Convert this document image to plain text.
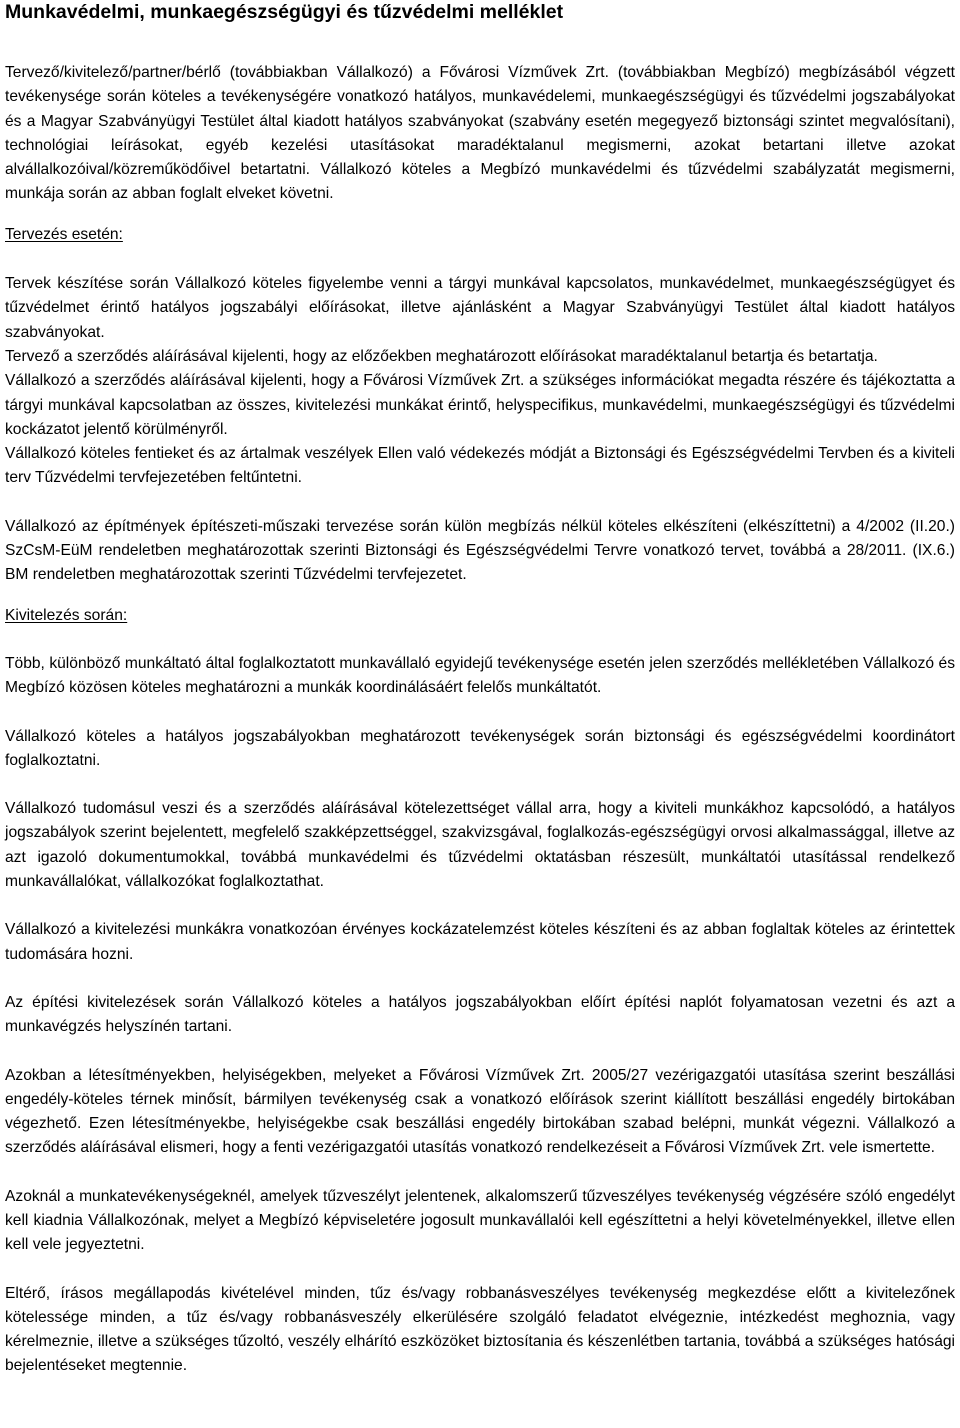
Munkavédelmi, munkaegészségügyi és tűzvédelmi melléklet

Tervező/kivitelező/partner/bérlő (továbbiakban Vállalkozó) a Fővárosi Vízművek Zrt. (továbbiakban Megbízó) megbízásából végzett tevékenysége során köteles a tevékenységére vonatkozó hatályos, munkavédelemi, munkaegészségügyi és tűzvédelmi jogszabályokat és a Magyar Szabványügyi Testület által kiadott hatályos szabványokat (szabvány esetén megegyező biztonsági szintet megvalósítani), technológiai leírásokat, egyéb kezelési utasításokat maradéktalanul megismerni, azokat betartani illetve azokat alvállalkozóival/közreműködőivel betartatni. Vállalkozó köteles a Megbízó munkavédelmi és tűzvédelmi szabályzatát megismerni, munkája során az abban foglalt elveket követni.

Tervezés esetén:

Tervek készítése során Vállalkozó köteles figyelembe venni a tárgyi munkával kapcsolatos, munkavédelmet, munkaegészségügyet és tűzvédelmet érintő hatályos jogszabályi előírásokat, illetve ajánlásként a Magyar Szabványügyi Testület által kiadott hatályos szabványokat.

Tervező a szerződés aláírásával kijelenti, hogy az előzőekben meghatározott előírásokat maradéktalanul betartja és betartatja.

Vállalkozó a szerződés aláírásával kijelenti, hogy a Fővárosi Vízművek Zrt. a szükséges információkat megadta részére és tájékoztatta a tárgyi munkával kapcsolatban az összes, kivitelezési munkákat érintő, helyspecifikus, munkavédelmi, munkaegészségügyi és tűzvédelmi kockázatot jelentő körülményről.

Vállalkozó köteles fentieket és az ártalmak veszélyek Ellen való védekezés módját a Biztonsági és Egészségvédelmi Tervben és a kiviteli terv Tűzvédelmi tervfejezetében feltűntetni.

Vállalkozó az építmények építészeti-műszaki tervezése során külön megbízás nélkül köteles elkészíteni (elkészíttetni) a 4/2002 (II.20.) SzCsM-EüM rendeletben meghatározottak szerinti Biztonsági és Egészségvédelmi Tervre vonatkozó tervet, továbbá a 28/2011. (IX.6.) BM rendeletben meghatározottak szerinti Tűzvédelmi tervfejezetet.

Kivitelezés során:

Több, különböző munkáltató által foglalkoztatott munkavállaló egyidejű tevékenysége esetén jelen szerződés mellékletében Vállalkozó és Megbízó közösen köteles meghatározni a munkák koordinálásáért felelős munkáltatót.

Vállalkozó köteles a hatályos jogszabályokban meghatározott tevékenységek során biztonsági és egészségvédelmi koordinátort foglalkoztatni.

Vállalkozó tudomásul veszi és a szerződés aláírásával kötelezettséget vállal arra, hogy a kiviteli munkákhoz kapcsolódó, a hatályos jogszabályok szerint bejelentett, megfelelő szakképzettséggel, szakvizsgával, foglalkozás-egészségügyi orvosi alkalmassággal, illetve az azt igazoló dokumentumokkal, továbbá munkavédelmi és tűzvédelmi oktatásban részesült, munkáltatói utasítással rendelkező munkavállalókat, vállalkozókat foglalkoztathat.

Vállalkozó a kivitelezési munkákra vonatkozóan érvényes kockázatelemzést köteles készíteni és az abban foglaltak köteles az érintettek tudomására hozni.

Az építési kivitelezések során Vállalkozó köteles a hatályos jogszabályokban előírt építési naplót folyamatosan vezetni és azt a munkavégzés helyszínén tartani.

Azokban a létesítményekben, helyiségekben, melyeket a Fővárosi Vízművek Zrt. 2005/27 vezérigazgatói utasítása szerint beszállási engedély-köteles térnek minősít, bármilyen tevékenység csak a vonatkozó előírások szerint kiállított beszállási engedély birtokában végezhető. Ezen létesítményekbe, helyiségekbe csak beszállási engedély birtokában szabad belépni, munkát végezni. Vállalkozó a szerződés aláírásával elismeri, hogy a fenti vezérigazgatói utasítás vonatkozó rendelkezéseit a Fővárosi Vízművek Zrt. vele ismertette.

Azoknál a munkatevékenységeknél, amelyek tűzveszélyt jelentenek, alkalomszerű tűzveszélyes tevékenység végzésére szóló engedélyt kell kiadnia Vállalkozónak, melyet a Megbízó képviseletére jogosult munkavállalói kell egészíttetni a helyi követelményekkel, illetve ellen kell vele jegyeztetni.

Eltérő, írásos megállapodás kivételével minden, tűz és/vagy robbanásveszélyes tevékenység megkezdése előtt a kivitelezőnek kötelessége minden, a tűz és/vagy robbanásveszély elkerülésére szolgáló feladatot elvégeznie, intézkedést meghoznia, vagy kérelmeznie, illetve a szükséges tűzoltó, veszély elhárító eszközöket biztosítania és készenlétben tartania, továbbá a szükséges hatósági bejelentéseket megtennie.
